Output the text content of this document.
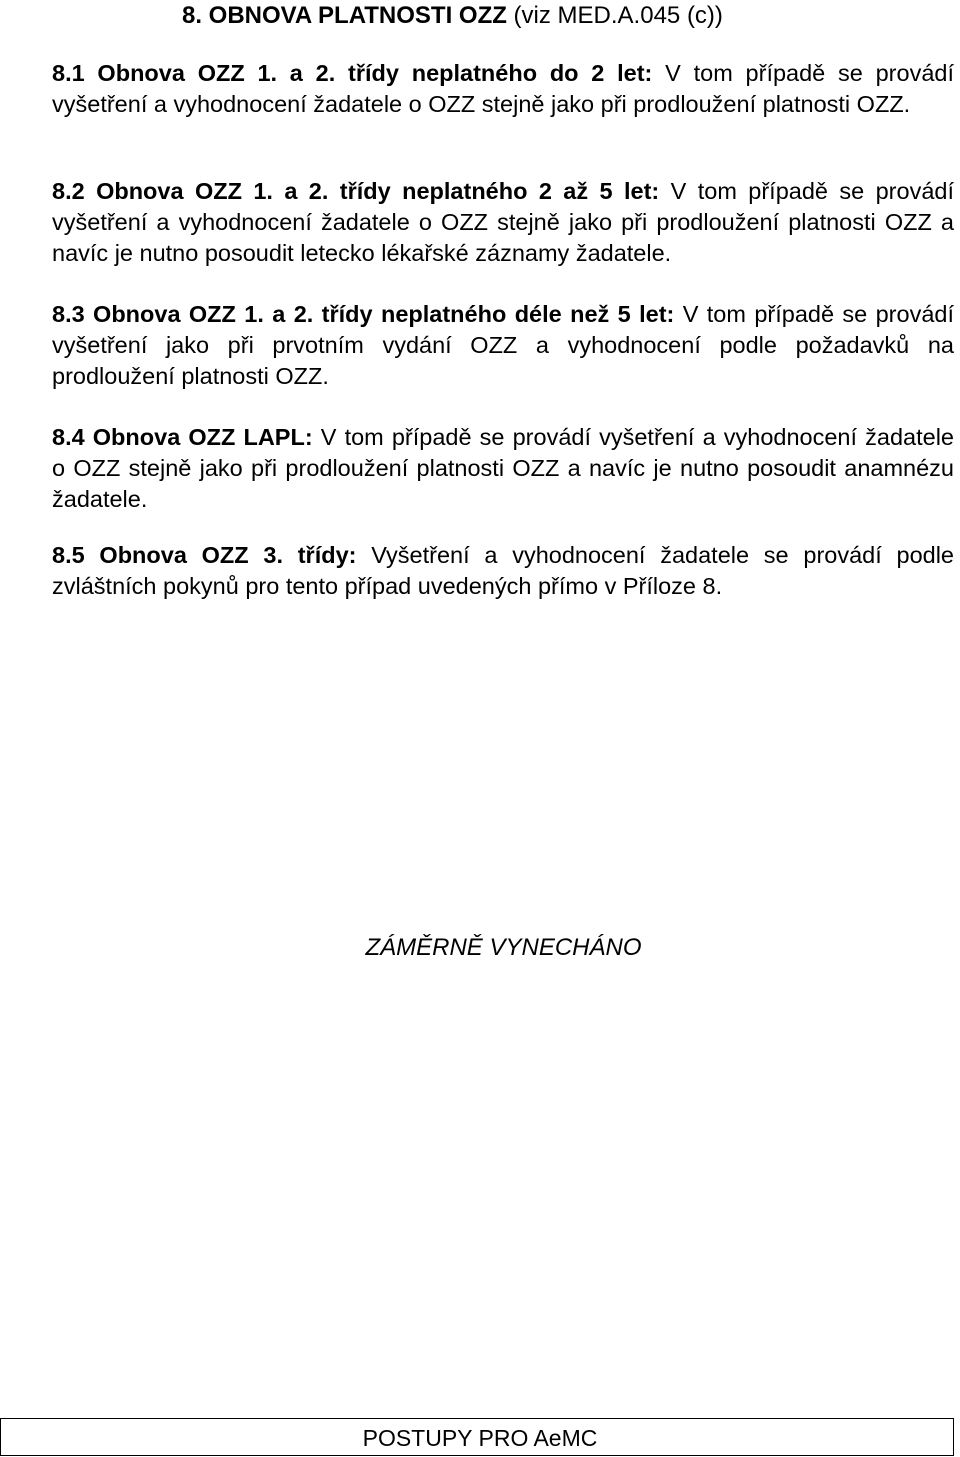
8. OBNOVA PLATNOSTI OZZ (viz MED.A.045 (c))

8.1 Obnova OZZ 1. a 2. třídy neplatného do 2 let: V tom případě se provádí vyšetření a vyhodnocení žadatele o OZZ stejně jako při prodloužení platnosti OZZ.

8.2 Obnova OZZ 1. a 2. třídy neplatného 2 až 5 let: V tom případě se provádí vyšetření a vyhodnocení žadatele o OZZ stejně jako při prodloužení platnosti OZZ a navíc je nutno posoudit letecko lékařské záznamy žadatele.

8.3 Obnova OZZ 1. a 2. třídy neplatného déle než 5 let: V tom případě se provádí vyšetření jako při prvotním vydání OZZ a vyhodnocení podle požadavků na prodloužení platnosti OZZ.

8.4 Obnova OZZ LAPL: V tom případě se provádí vyšetření a vyhodnocení žadatele o OZZ stejně jako při prodloužení platnosti OZZ a navíc je nutno posoudit anamnézu žadatele.

8.5 Obnova OZZ 3. třídy: Vyšetření a vyhodnocení žadatele se provádí podle zvláštních pokynů pro tento případ uvedených přímo v Příloze 8.

ZÁMĚRNĚ VYNECHÁNO
POSTUPY PRO AeMC
